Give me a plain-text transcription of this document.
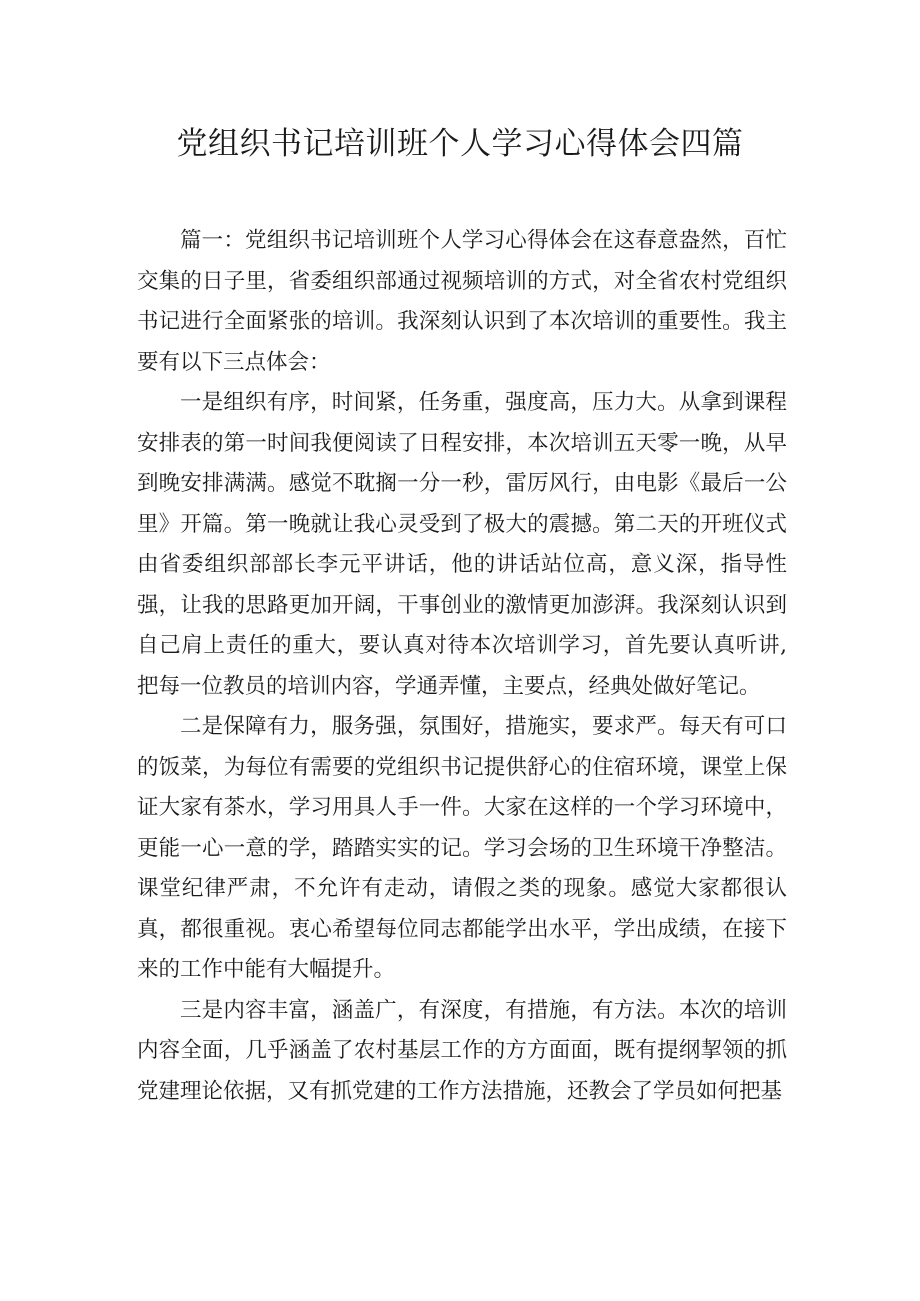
党组织书记培训班个人学习心得体会四篇

篇一：党组织书记培训班个人学习心得体会在这春意盎然，百忙交集的日子里，省委组织部通过视频培训的方式，对全省农村党组织书记进行全面紧张的培训。我深刻认识到了本次培训的重要性。我主要有以下三点体会：

一是组织有序，时间紧，任务重，强度高，压力大。从拿到课程安排表的第一时间我便阅读了日程安排，本次培训五天零一晚，从早到晚安排满满。感觉不耽搁一分一秒，雷厉风行，由电影《最后一公里》开篇。第一晚就让我心灵受到了极大的震撼。第二天的开班仪式由省委组织部部长李元平讲话，他的讲话站位高，意义深，指导性强，让我的思路更加开阔，干事创业的激情更加澎湃。我深刻认识到自己肩上责任的重大，要认真对待本次培训学习，首先要认真听讲,把每一位教员的培训内容，学通弄懂，主要点，经典处做好笔记。

二是保障有力，服务强，氛围好，措施实，要求严。每天有可口的饭菜，为每位有需要的党组织书记提供舒心的住宿环境，课堂上保证大家有茶水，学习用具人手一件。大家在这样的一个学习环境中，更能一心一意的学，踏踏实实的记。学习会场的卫生环境干净整洁。课堂纪律严肃，不允许有走动，请假之类的现象。感觉大家都很认真，都很重视。衷心希望每位同志都能学出水平，学出成绩，在接下来的工作中能有大幅提升。

三是内容丰富，涵盖广，有深度，有措施，有方法。本次的培训内容全面，几乎涵盖了农村基层工作的方方面面，既有提纲挈领的抓党建理论依据，又有抓党建的工作方法措施，还教会了学员如何把基
